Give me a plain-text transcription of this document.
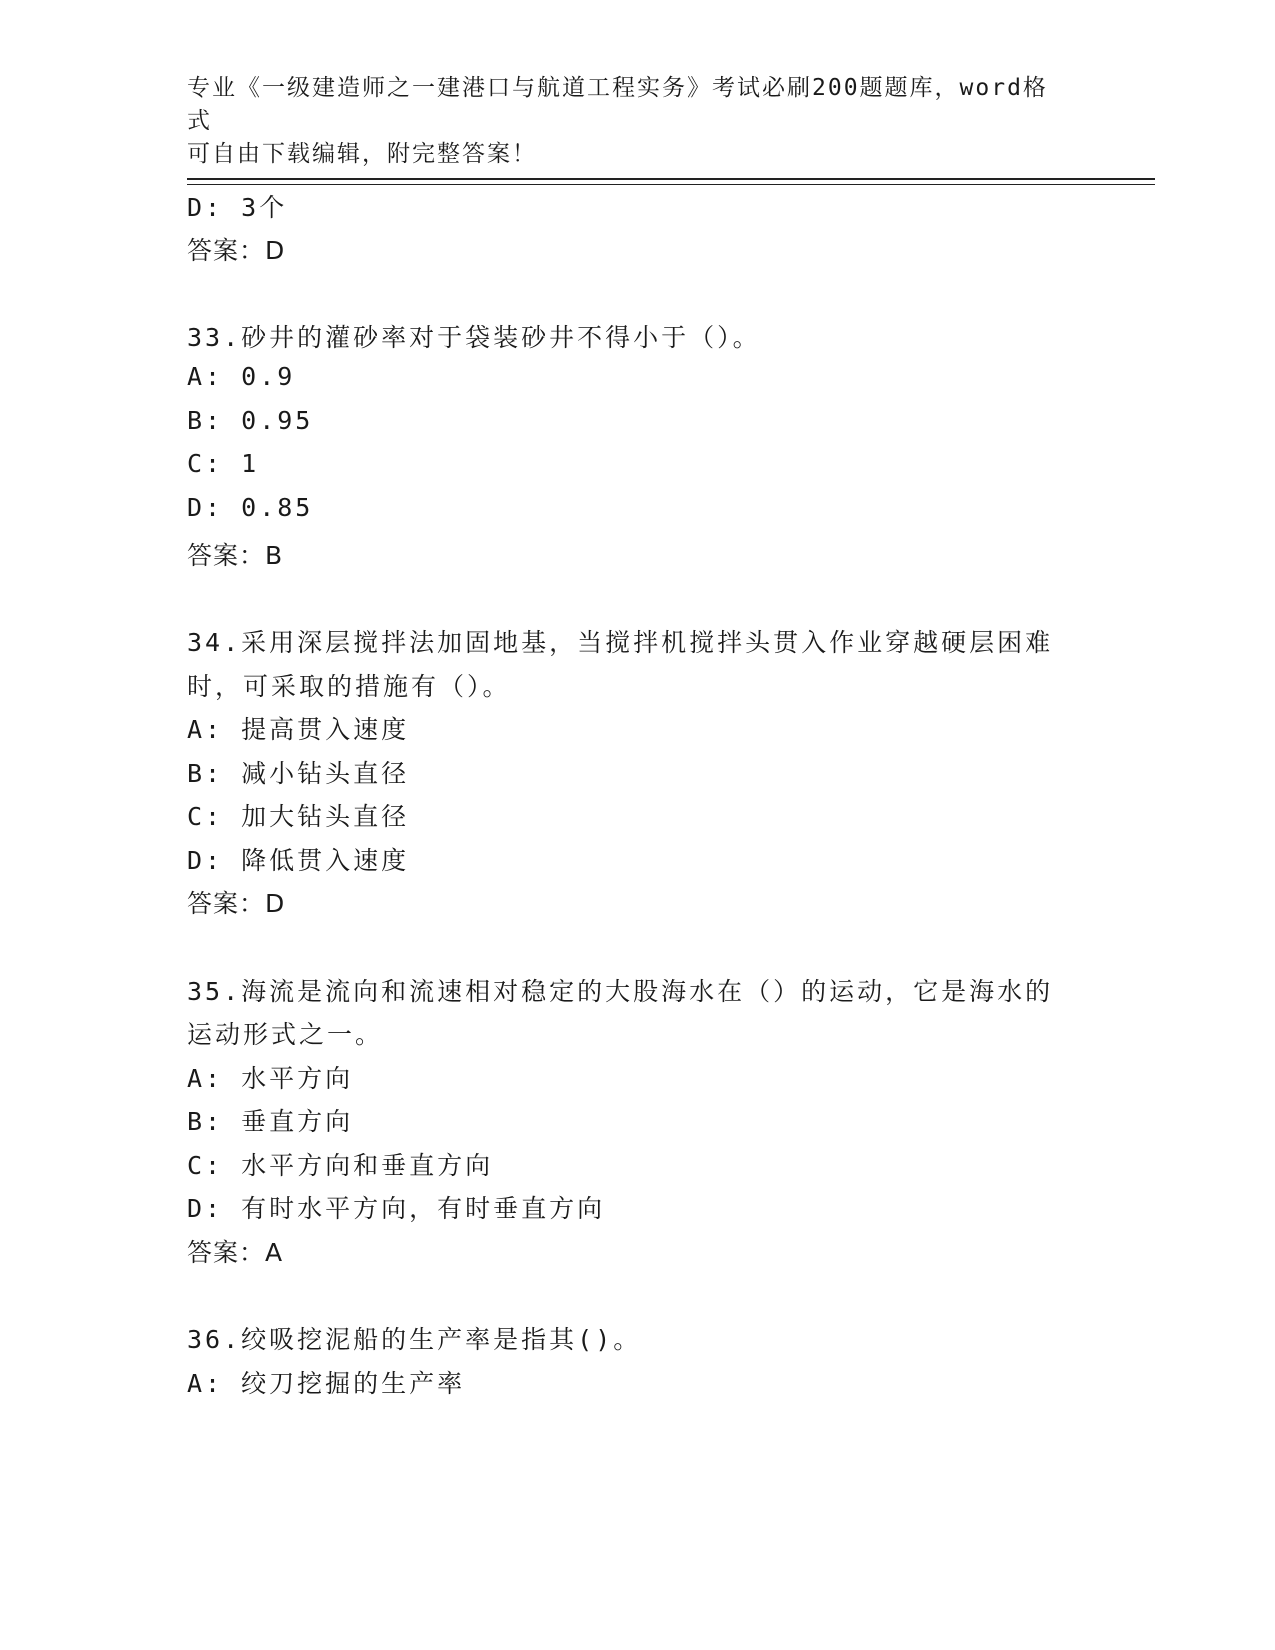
专业《一级建造师之一建港口与航道工程实务》考试必刷200题题库，word格式
可自由下载编辑，附完整答案！
D: 3个
答案：D
33.砂井的灌砂率对于袋装砂井不得小于（）。
A: 0.9
B: 0.95
C: 1
D: 0.85
答案：B
34.采用深层搅拌法加固地基，当搅拌机搅拌头贯入作业穿越硬层困难
时，可采取的措施有（）。
A: 提高贯入速度
B: 减小钻头直径
C: 加大钻头直径
D: 降低贯入速度
答案：D
35.海流是流向和流速相对稳定的大股海水在（）的运动，它是海水的
运动形式之一。
A: 水平方向
B: 垂直方向
C: 水平方向和垂直方向
D: 有时水平方向，有时垂直方向
答案：A
36.绞吸挖泥船的生产率是指其()。
A: 绞刀挖掘的生产率
